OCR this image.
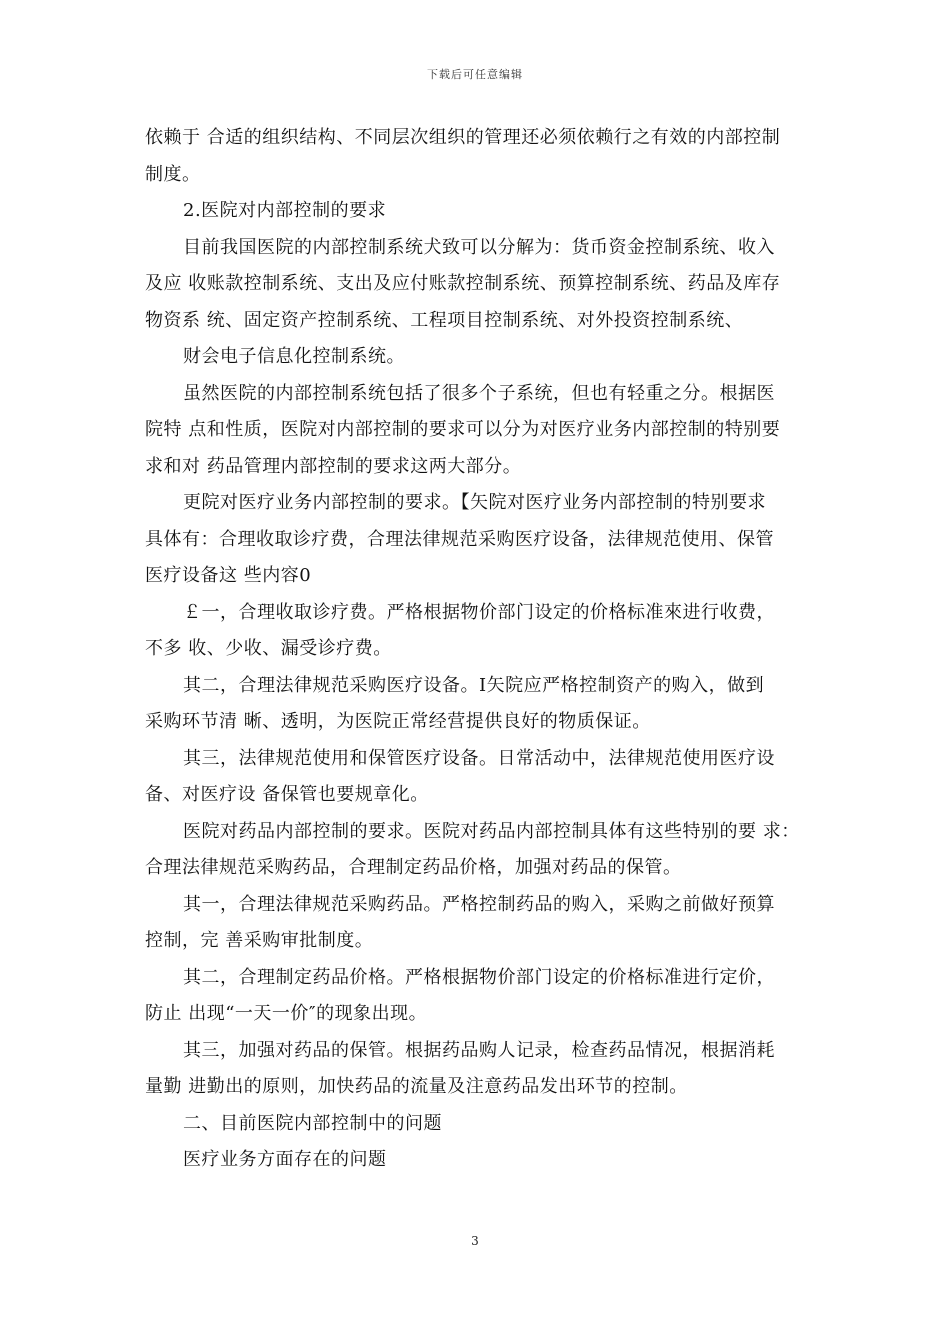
下载后可任意编辑
依赖于 合适的组织结构、不同层次组织的管理还必须依赖行之有效的内部控制
制度。
2.医院对内部控制的要求
目前我国医院的内部控制系统犬致可以分解为：货币资金控制系统、收入
及应 收账款控制系统、支出及应付账款控制系统、预算控制系统、药品及库存
物资系 统、固定资产控制系统、工程项目控制系统、对外投资控制系统、
财会电子信息化控制系统。
虽然医院的内部控制系统包括了很多个子系统，但也有轻重之分。根据医
院特 点和性质，医院对内部控制的要求可以分为对医疗业务内部控制的特别要
求和对 药品管理内部控制的要求这两大部分。
更院对医疗业务内部控制的要求。【矢院对医疗业务内部控制的特别要求
具体有：合理收取诊疗费，合理法律规范采购医疗设备，法律规范使用、保管
医疗设备这 些内容0
￡一，合理收取诊疗费。严格根据物价部门设定的价格标准來进行收费，
不多 收、少收、漏受诊疗费。
其二，合理法律规范采购医疗设备。I矢院应严格控制资产的购入，做到
采购环节清 晰、透明，为医院正常经营提供良好的物质保证。
其三，法律规范使用和保管医疗设备。日常活动中，法律规范使用医疗设
备、对医疗设 备保管也要规章化。
医院对药品内部控制的要求。医院对药品内部控制具体有这些特别的要 求：
合理法律规范采购药品，合理制定药品价格，加强对药品的保管。
其一，合理法律规范采购药品。严格控制药品的购入，采购之前做好预算
控制，完 善采购审批制度。
其二，合理制定药品价格。严格根据物价部门设定的价格标准进行定价，
防止 出现“一天一价″的现象出现。
其三，加强对药品的保管。根据药品购人记录，检查药品情况，根据消耗
量勤 进勤出的原则，加快药品的流量及注意药品发出环节的控制。
二、目前医院内部控制中的问题
医疗业务方面存在的问题
3
